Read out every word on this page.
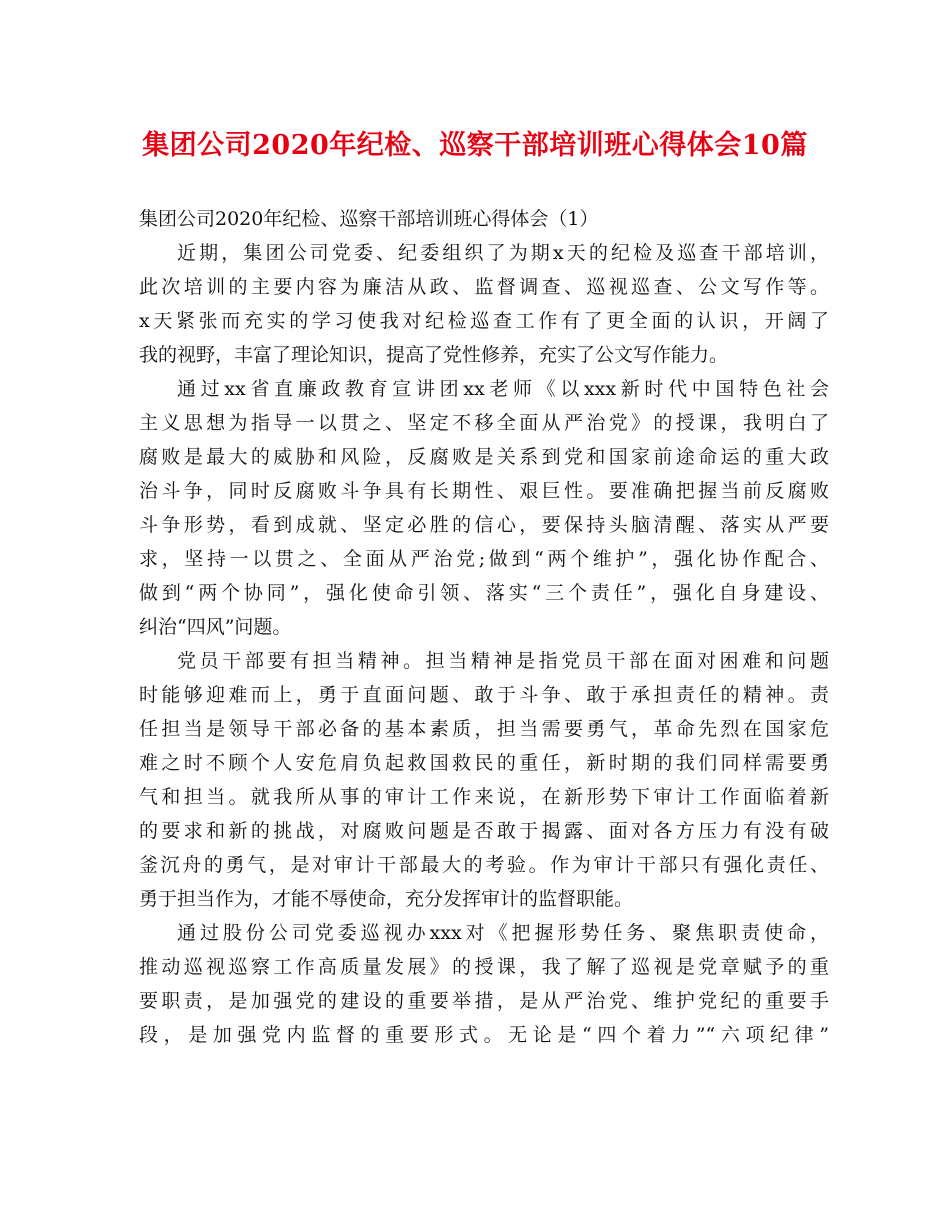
集团公司2020年纪检、巡察干部培训班心得体会10篇
集团公司2020年纪检、巡察干部培训班心得体会（1）
近期，集团公司党委、纪委组织了为期x天的纪检及巡查干部培训，
此次培训的主要内容为廉洁从政、监督调查、巡视巡查、公文写作等。
x天紧张而充实的学习使我对纪检巡查工作有了更全面的认识，开阔了
我的视野，丰富了理论知识，提高了党性修养，充实了公文写作能力。
通过xx省直廉政教育宣讲团xx老师《以xxx新时代中国特色社会
主义思想为指导一以贯之、坚定不移全面从严治党》的授课，我明白了
腐败是最大的威胁和风险，反腐败是关系到党和国家前途命运的重大政
治斗争，同时反腐败斗争具有长期性、艰巨性。要准确把握当前反腐败
斗争形势，看到成就、坚定必胜的信心，要保持头脑清醒、落实从严要
求，坚持一以贯之、全面从严治党;做到“两个维护”，强化协作配合、
做到“两个协同”，强化使命引领、落实“三个责任”，强化自身建设、
纠治“四风”问题。
党员干部要有担当精神。担当精神是指党员干部在面对困难和问题
时能够迎难而上，勇于直面问题、敢于斗争、敢于承担责任的精神。责
任担当是领导干部必备的基本素质，担当需要勇气，革命先烈在国家危
难之时不顾个人安危肩负起救国救民的重任，新时期的我们同样需要勇
气和担当。就我所从事的审计工作来说，在新形势下审计工作面临着新
的要求和新的挑战，对腐败问题是否敢于揭露、面对各方压力有没有破
釜沉舟的勇气，是对审计干部最大的考验。作为审计干部只有强化责任、
勇于担当作为，才能不辱使命，充分发挥审计的监督职能。
通过股份公司党委巡视办xxx对《把握形势任务、聚焦职责使命，
推动巡视巡察工作高质量发展》的授课，我了解了巡视是党章赋予的重
要职责，是加强党的建设的重要举措，是从严治党、维护党纪的重要手
段，是加强党内监督的重要形式。无论是“四个着力”“六项纪律”
